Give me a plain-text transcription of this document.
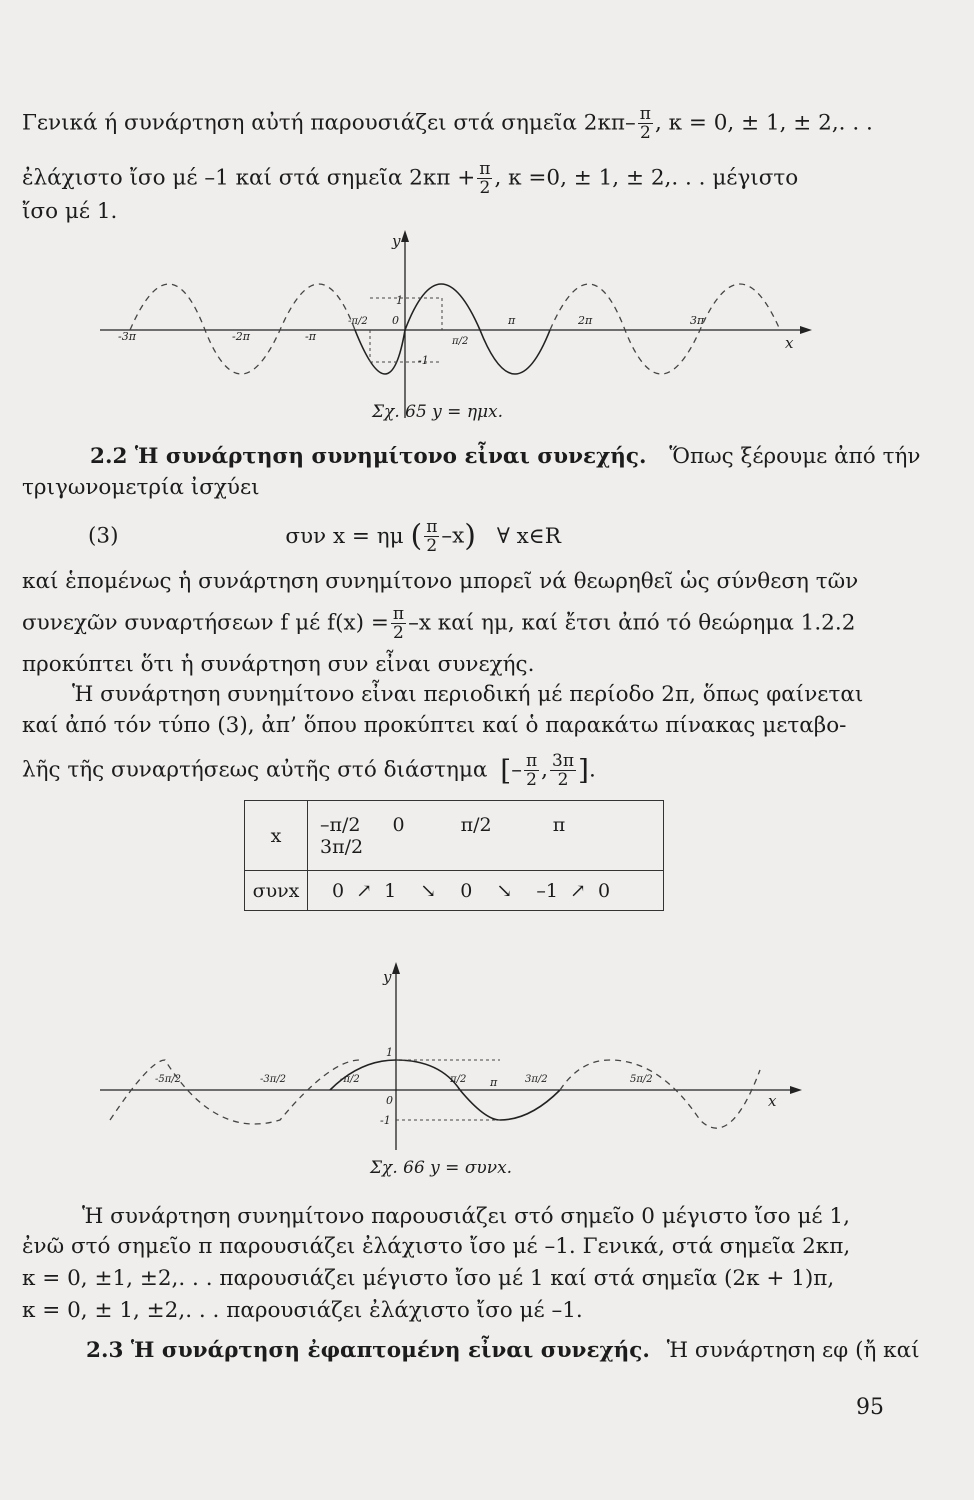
Γενικά ή συνάρτηση αὐτή παρουσιάζει στά σημεῖα $2\kappa\pi- \frac{\pi}{2}$ , κ = 0, ± 1, ± 2,. . .
ἐλάχιστο ἴσο μέ –1 καί στά σημεῖα $2\kappa\pi + \frac{\pi}{2}$ , κ =0, ± 1, ± 2,. . . μέγιστο
ἴσο μέ 1.
y
x
-3π	-2π	-π
-π/2 0
π/2
π	2π	3π
1
-1
Σχ. 65 y = ημx.
2.2 Ἡ συνάρτηση συνημίτονο εἶναι συνεχής. Ὅπως ξέρουμε ἀπό τήν
τριγωνομετρία ἰσχύει
(3)	συν x = ημ ( $\frac{\pi}{2} -x$) ∀ x∈R
καί ἑπομένως ἡ συνάρτηση συνημίτονο μπορεῖ νά θεωρηθεῖ ὡς σύνθεση τῶν
συνεχῶν συναρτήσεων f μέ $f(x) = \frac{\pi}{2} -x$ καί ημ, καί ἔτσι ἀπό τό θεώρημα 1.2.2
προκύπτει ὅτι ἡ συνάρτηση συν εἶναι συνεχής.
Ἡ συνάρτηση συνημίτονο εἶναι περιοδική μέ περίοδο 2π, ὅπως φαίνεται
καί ἀπό τόν τύπο (3), ἀπ’ ὅπου προκύπτει καί ὁ παρακάτω πίνακας μεταβο-
λῆς τῆς συναρτήσεως αὐτῆς στό διάστημα [– $\frac{\pi}{2}$ , $\frac{3\pi}{2}$ ].
x	–π/2 0 π/2 π 3π/2
συνx	0 ↗ 1 ↘ 0 ↘ –1 ↗ 0
y
x
-5π/2	-3π/2	-π/2	π/2 π	3π/2	5π/2
1
0
-1
Σχ. 66 y = συνx.
Ἡ συνάρτηση συνημίτονο παρουσιάζει στό σημεῖο 0 μέγιστο ἴσο μέ 1,
ἐνῶ στό σημεῖο π παρουσιάζει ἐλάχιστο ἴσο μέ –1. Γενικά, στά σημεῖα 2κπ,
κ = 0, ±1, ±2,. . . παρουσιάζει μέγιστο ἴσο μέ 1 καί στά σημεῖα (2κ + 1)π,
κ = 0, ± 1, ±2,. . . παρουσιάζει ἐλάχιστο ἴσο μέ –1.
2.3 Ἡ συνάρτηση ἐφαπτομένη εἶναι συνεχής. Ἡ συνάρτηση εφ (ἤ καί
95
